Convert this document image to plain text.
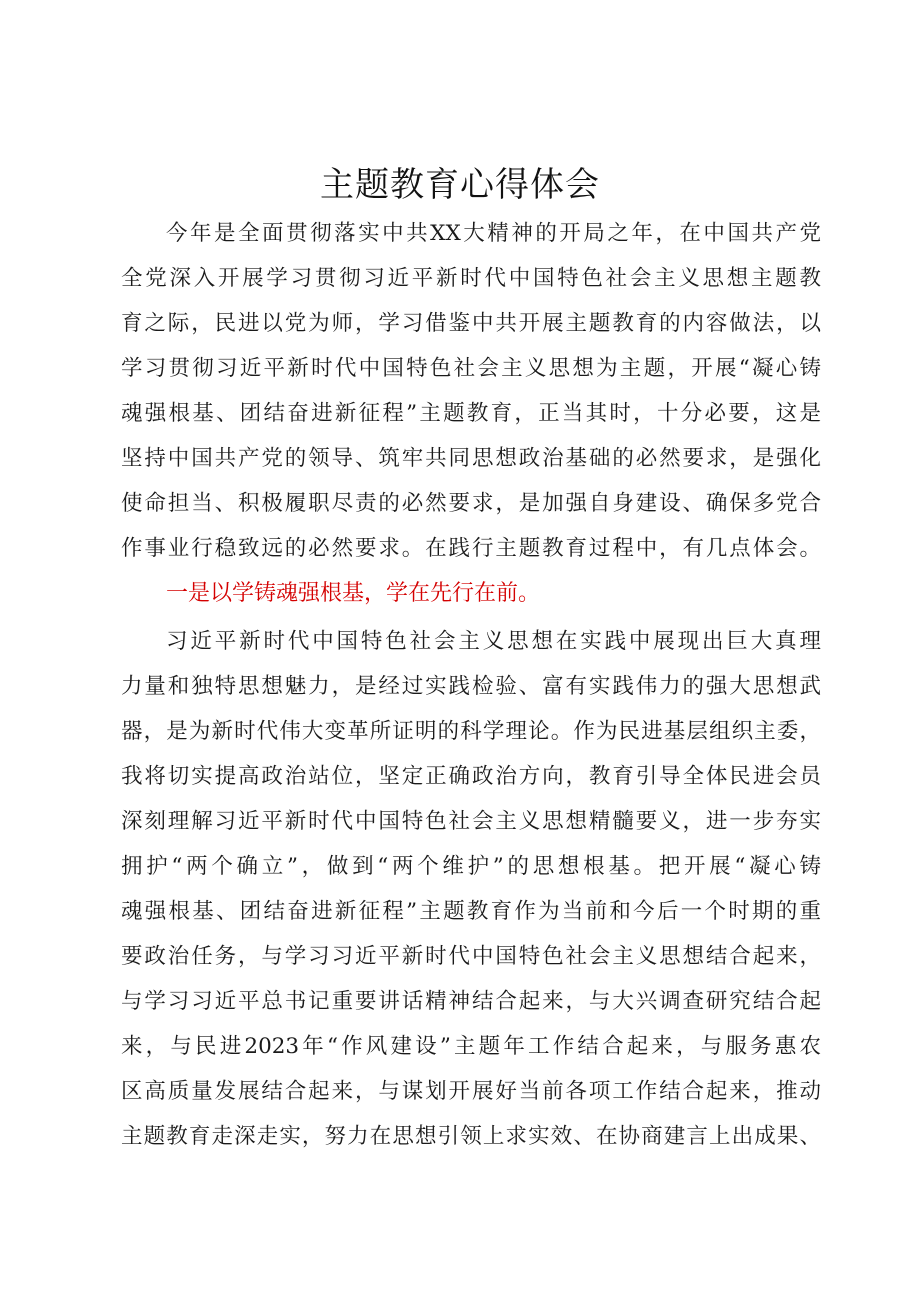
主题教育心得体会
今年是全面贯彻落实中共XX大精神的开局之年，在中国共产党
全党深入开展学习贯彻习近平新时代中国特色社会主义思想主题教
育之际，民进以党为师，学习借鉴中共开展主题教育的内容做法，以
学习贯彻习近平新时代中国特色社会主义思想为主题，开展“凝心铸
魂强根基、团结奋进新征程”主题教育，正当其时，十分必要，这是
坚持中国共产党的领导、筑牢共同思想政治基础的必然要求，是强化
使命担当、积极履职尽责的必然要求，是加强自身建设、确保多党合
作事业行稳致远的必然要求。在践行主题教育过程中，有几点体会。
一是以学铸魂强根基，学在先行在前。
习近平新时代中国特色社会主义思想在实践中展现出巨大真理
力量和独特思想魅力，是经过实践检验、富有实践伟力的强大思想武
器，是为新时代伟大变革所证明的科学理论。作为民进基层组织主委，
我将切实提高政治站位，坚定正确政治方向，教育引导全体民进会员
深刻理解习近平新时代中国特色社会主义思想精髓要义，进一步夯实
拥护“两个确立”，做到“两个维护”的思想根基。把开展“凝心铸
魂强根基、团结奋进新征程”主题教育作为当前和今后一个时期的重
要政治任务，与学习习近平新时代中国特色社会主义思想结合起来，
与学习习近平总书记重要讲话精神结合起来，与大兴调查研究结合起
来，与民进2023年“作风建设”主题年工作结合起来，与服务惠农
区高质量发展结合起来，与谋划开展好当前各项工作结合起来，推动
主题教育走深走实，努力在思想引领上求实效、在协商建言上出成果、
